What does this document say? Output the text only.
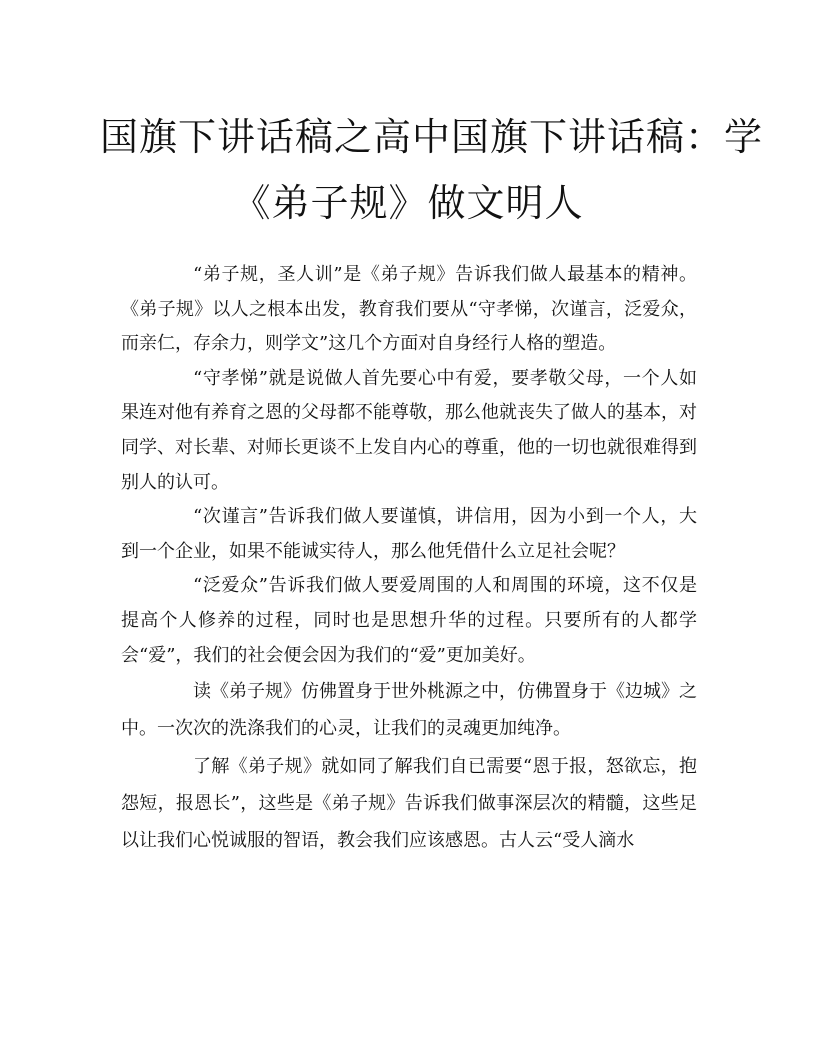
国旗下讲话稿之高中国旗下讲话稿：学
《弟子规》做文明人

“弟子规，圣人训”是《弟子规》告诉我们做人最基本的精神。《弟子规》以人之根本出发，教育我们要从“守孝悌，次谨言，泛爱众，而亲仁，存余力，则学文”这几个方面对自身经行人格的塑造。

“守孝悌”就是说做人首先要心中有爱，要孝敬父母，一个人如果连对他有养育之恩的父母都不能尊敬，那么他就丧失了做人的基本，对同学、对长辈、对师长更谈不上发自内心的尊重，他的一切也就很难得到别人的认可。

“次谨言”告诉我们做人要谨慎，讲信用，因为小到一个人，大到一个企业，如果不能诚实待人，那么他凭借什么立足社会呢？

“泛爱众”告诉我们做人要爱周围的人和周围的环境，这不仅是提高个人修养的过程，同时也是思想升华的过程。只要所有的人都学会“爱”，我们的社会便会因为我们的“爱”更加美好。

读《弟子规》仿佛置身于世外桃源之中，仿佛置身于《边城》之中。一次次的洗涤我们的心灵，让我们的灵魂更加纯净。

了解《弟子规》就如同了解我们自已需要“恩于报，怒欲忘，抱怨短，报恩长”，这些是《弟子规》告诉我们做事深层次的精髓，这些足以让我们心悦诚服的智语，教会我们应该感恩。古人云“受人滴水
